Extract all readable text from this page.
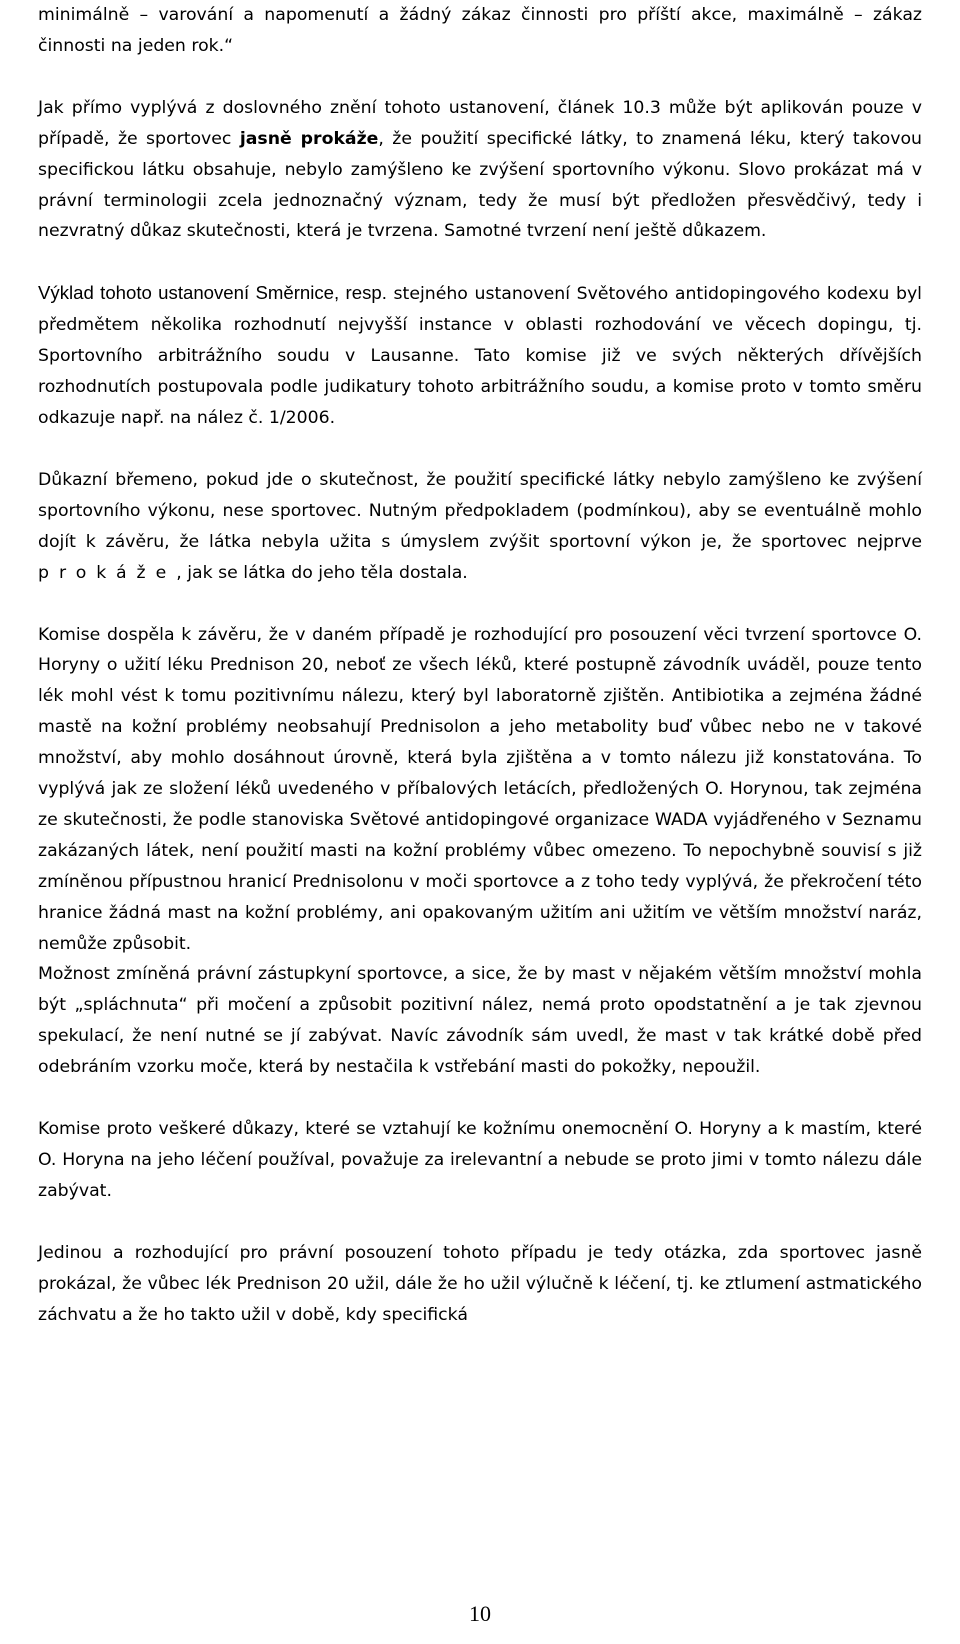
minimálně – varování a napomenutí a žádný zákaz činnosti pro příští akce, maximálně – zákaz činnosti na jeden rok.“

Jak přímo vyplývá z doslovného znění tohoto ustanovení, článek 10.3 může být aplikován pouze v případě, že sportovec jasně prokáže, že použití specifické látky, to znamená léku, který takovou specifickou látku obsahuje, nebylo zamýšleno ke zvýšení sportovního výkonu. Slovo prokázat má v právní terminologii zcela jednoznačný význam, tedy že musí být předložen přesvědčivý, tedy i nezvratný důkaz skutečnosti, která je tvrzena. Samotné tvrzení není ještě důkazem.

Výklad tohoto ustanovení Směrnice, resp. stejného ustanovení Světového antidopingového kodexu byl předmětem několika rozhodnutí nejvyšší instance v oblasti rozhodování ve věcech dopingu, tj. Sportovního arbitrážního soudu v Lausanne. Tato komise již ve svých některých dřívějších rozhodnutích postupovala podle judikatury tohoto arbitrážního soudu, a komise proto v tomto směru odkazuje např. na nález č. 1/2006.

Důkazní břemeno, pokud jde o skutečnost, že použití specifické látky nebylo zamýšleno ke zvýšení sportovního výkonu, nese sportovec. Nutným předpokladem (podmínkou), aby se eventuálně mohlo dojít k závěru, že látka nebyla užita s úmyslem zvýšit sportovní výkon je, že sportovec nejprve prokáže, jak se látka do jeho těla dostala.

Komise dospěla k závěru, že v daném případě je rozhodující pro posouzení věci tvrzení sportovce O. Horyny o užití léku Prednison 20, neboť ze všech léků, které postupně závodník uváděl, pouze tento lék mohl vést k tomu pozitivnímu nálezu, který byl laboratorně zjištěn. Antibiotika a zejména žádné mastě na kožní problémy neobsahují Prednisolon a jeho metabolity buď vůbec nebo ne v takové množství, aby mohlo dosáhnout úrovně, která byla zjištěna a v tomto nálezu již konstatována. To vyplývá jak ze složení léků uvedeného v příbalových letácích, předložených O. Horynou, tak zejména ze skutečnosti, že podle stanoviska Světové antidopingové organizace WADA vyjádřeného v Seznamu zakázaných látek, není použití masti na kožní problémy vůbec omezeno. To nepochybně souvisí s již zmíněnou přípustnou hranicí Prednisolonu v moči sportovce a z toho tedy vyplývá, že překročení této hranice žádná mast na kožní problémy, ani opakovaným užitím ani užitím ve větším množství naráz, nemůže způsobit.

Možnost zmíněná právní zástupkyní sportovce, a sice, že by mast v nějakém větším množství mohla být „spláchnuta“ při močení a způsobit pozitivní nález, nemá proto opodstatnění a je tak zjevnou spekulací, že není nutné se jí zabývat. Navíc závodník sám uvedl, že mast v tak krátké době před odebráním vzorku moče, která by nestačila k vstřebání masti do pokožky, nepoužil.

Komise proto veškeré důkazy, které se vztahují ke kožnímu onemocnění O. Horyny a k mastím, které O. Horyna na jeho léčení používal, považuje za irelevantní a nebude se proto jimi v tomto nálezu dále zabývat.

Jedinou a rozhodující pro právní posouzení tohoto případu je tedy otázka, zda sportovec jasně prokázal, že vůbec lék Prednison 20 užil, dále že ho užil výlučně k léčení, tj. ke ztlumení astmatického záchvatu a že ho takto užil v době, kdy specifická

10
